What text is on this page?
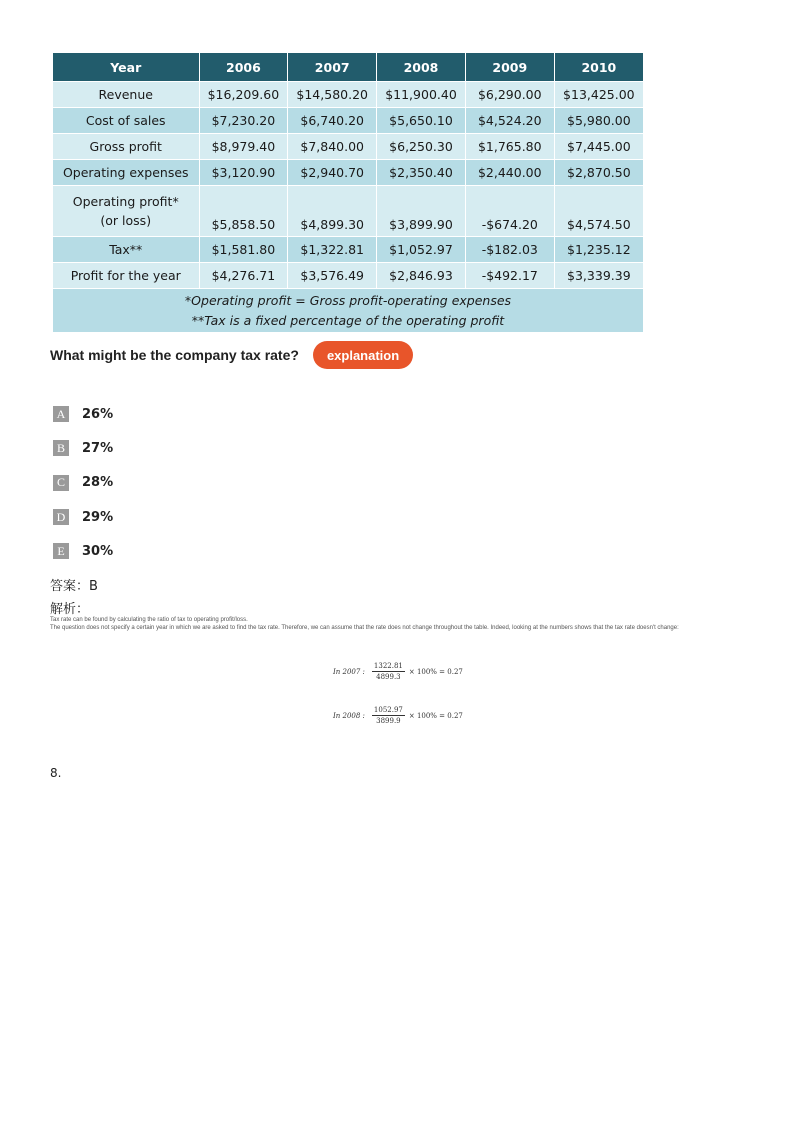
Year	2006	2007	2008	2009	2010
Revenue	$16,209.60	$14,580.20	$11,900.40	$6,290.00	$13,425.00
Cost of sales	$7,230.20	$6,740.20	$5,650.10	$4,524.20	$5,980.00
Gross profit	$8,979.40	$7,840.00	$6,250.30	$1,765.80	$7,445.00
Operating expenses	$3,120.90	$2,940.70	$2,350.40	$2,440.00	$2,870.50

Operating profit*
(or loss)	$5,858.50	$4,899.30	$3,899.90	-$674.20	$4,574.50
Tax**	$1,581.80	$1,322.81	$1,052.97	-$182.03	$1,235.12
Profit for the year	$4,276.71	$3,576.49	$2,846.93	-$492.17	$3,339.39
*Operating profit = Gross profit-operating expenses
**Tax is a fixed percentage of the operating profit
What might be the company tax rate?	explanation
A 26%
B	27%
C	28%
D 29%
E	30%
答案：B
解析：

Tax rate can be found by calculating the ratio of tax to operating profit/loss.

The question does not specify a certain year in which we are asked to find the tax rate. Therefore, we can assume that the rate does not change throughout the table. Indeed, looking at the numbers shows that the tax rate doesn't change:

In 2007 : $\frac{1322.81}{4899.3} \times 100\% = 0.27$
In 2008 : $\frac{1052.97}{3899.9} \times 100\% = 0.27$
8.
